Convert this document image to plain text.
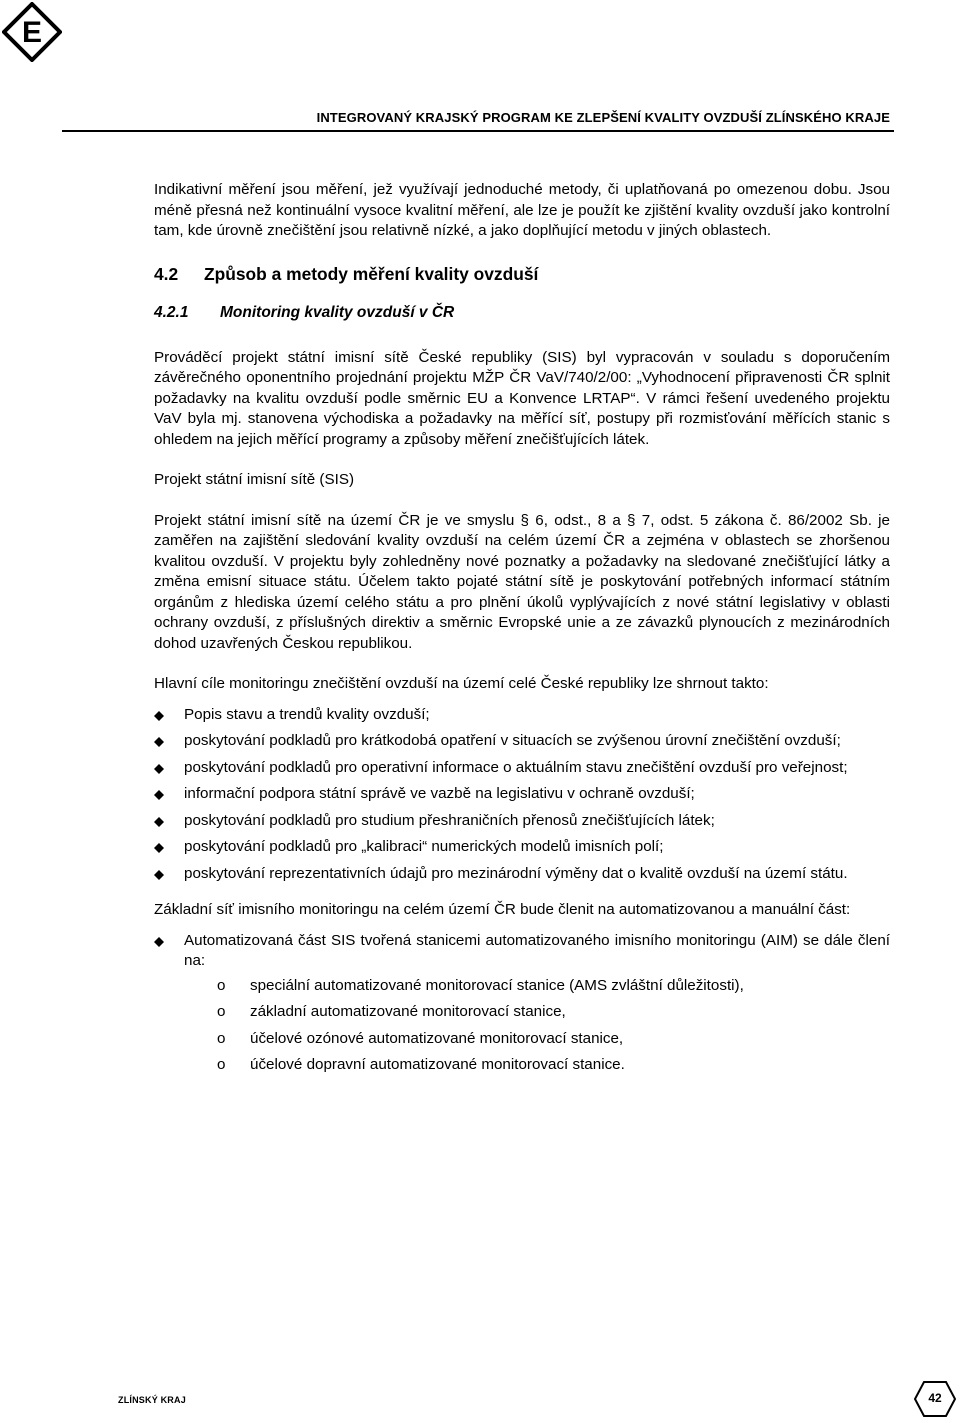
E
INTEGROVANÝ KRAJSKÝ PROGRAM KE ZLEPŠENÍ KVALITY OVZDUŠÍ ZLÍNSKÉHO KRAJE

Indikativní měření jsou měření, jež využívají jednoduché metody, či uplatňovaná po omezenou dobu. Jsou méně přesná než kontinuální vysoce kvalitní měření, ale lze je použít ke zjištění kvality ovzduší jako kontrolní tam, kde úrovně znečištění jsou relativně nízké, a jako doplňující metodu v jiných oblastech.

4.2 Způsob a metody měření kvality ovzduší
4.2.1 Monitoring kvality ovzduší v ČR

Prováděcí projekt státní imisní sítě České republiky (SIS) byl vypracován v souladu s doporučením závěrečného oponentního projednání projektu MŽP ČR VaV/740/2/00: „Vyhodnocení připravenosti ČR splnit požadavky na kvalitu ovzduší podle směrnic EU a Konvence LRTAP“. V rámci řešení uvedeného projektu VaV byla mj. stanovena východiska a požadavky na měřící síť, postupy při rozmisťování měřících stanic s ohledem na jejich měřící programy a způsoby měření znečišťujících látek.

Projekt státní imisní sítě (SIS)

Projekt státní imisní sítě na území ČR je ve smyslu § 6, odst., 8 a § 7, odst. 5 zákona č. 86/2002 Sb. je zaměřen na zajištění sledování kvality ovzduší na celém území ČR a zejména v oblastech se zhoršenou kvalitou ovzduší. V projektu byly zohledněny nové poznatky a požadavky na sledované znečišťující látky a změna emisní situace státu. Účelem takto pojaté státní sítě je poskytování potřebných informací státním orgánům z hlediska území celého státu a pro plnění úkolů vyplývajících z nové státní legislativy v oblasti ochrany ovzduší, z příslušných direktiv a směrnic Evropské unie a ze závazků plynoucích z mezinárodních dohod uzavřených Českou republikou.

Hlavní cíle monitoringu znečištění ovzduší na území celé České republiky lze shrnout takto:

Popis stavu a trendů kvality ovzduší;
poskytování podkladů pro krátkodobá opatření v situacích se zvýšenou úrovní znečištění ovzduší;
poskytování podkladů pro operativní informace o aktuálním stavu znečištění ovzduší pro veřejnost;
informační podpora státní správě ve vazbě na legislativu v ochraně ovzduší;
poskytování podkladů pro studium přeshraničních přenosů znečišťujících látek;
poskytování podkladů pro „kalibraci“ numerických modelů imisních polí;
poskytování reprezentativních údajů pro mezinárodní výměny dat o kvalitě ovzduší na území státu.

Základní síť imisního monitoringu na celém území ČR bude členit na automatizovanou a manuální část:

Automatizovaná část SIS tvořená stanicemi automatizovaného imisního monitoringu (AIM) se dále člení na:
o speciální automatizované monitorovací stanice (AMS zvláštní důležitosti),
o základní automatizované monitorovací stanice,
o účelové ozónové automatizované monitorovací stanice,
o účelové dopravní automatizované monitorovací stanice.
ZLÍNSKÝ KRAJ	42
